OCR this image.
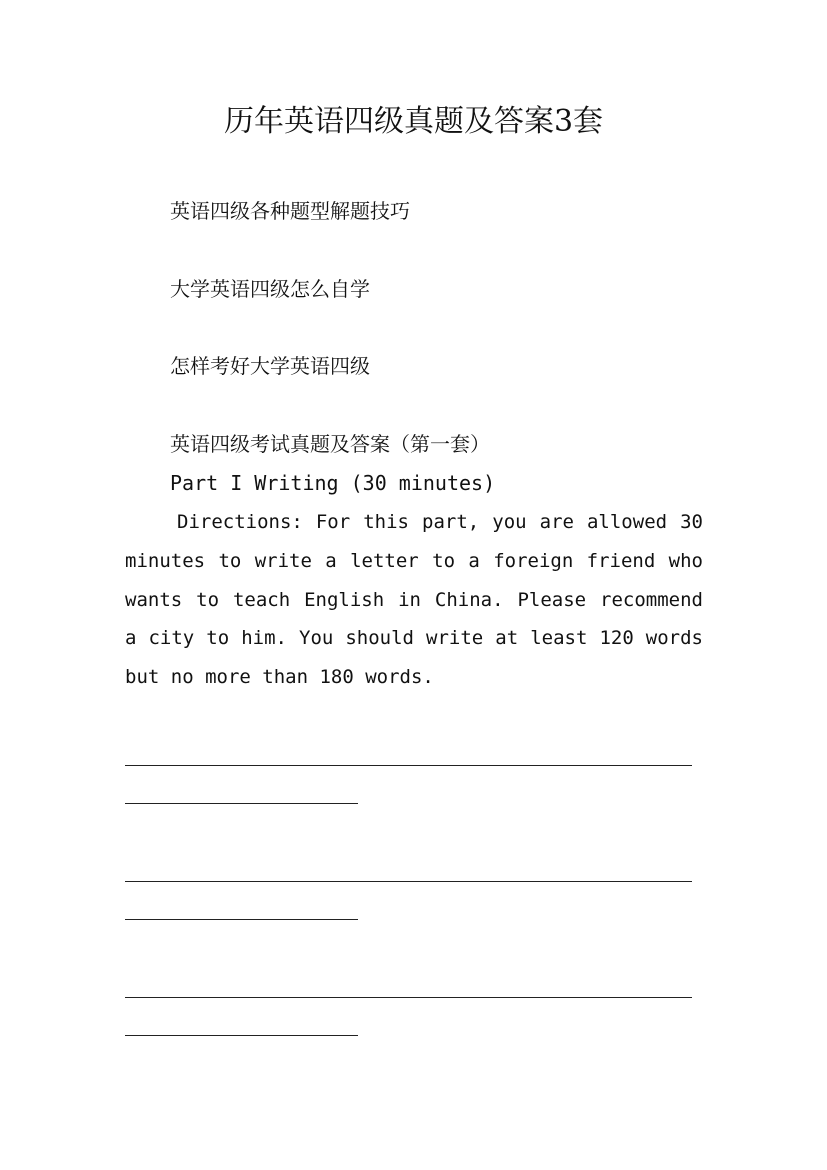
历年英语四级真题及答案3套
英语四级各种题型解题技巧
大学英语四级怎么自学
怎样考好大学英语四级
英语四级考试真题及答案（第一套）
Part I Writing (30 minutes)
Directions: For this part, you are allowed 30 minutes to write a letter to a foreign friend who wants to teach English in China. Please recommend a city to him. You should write at least 120 words but no more than 180 words.
